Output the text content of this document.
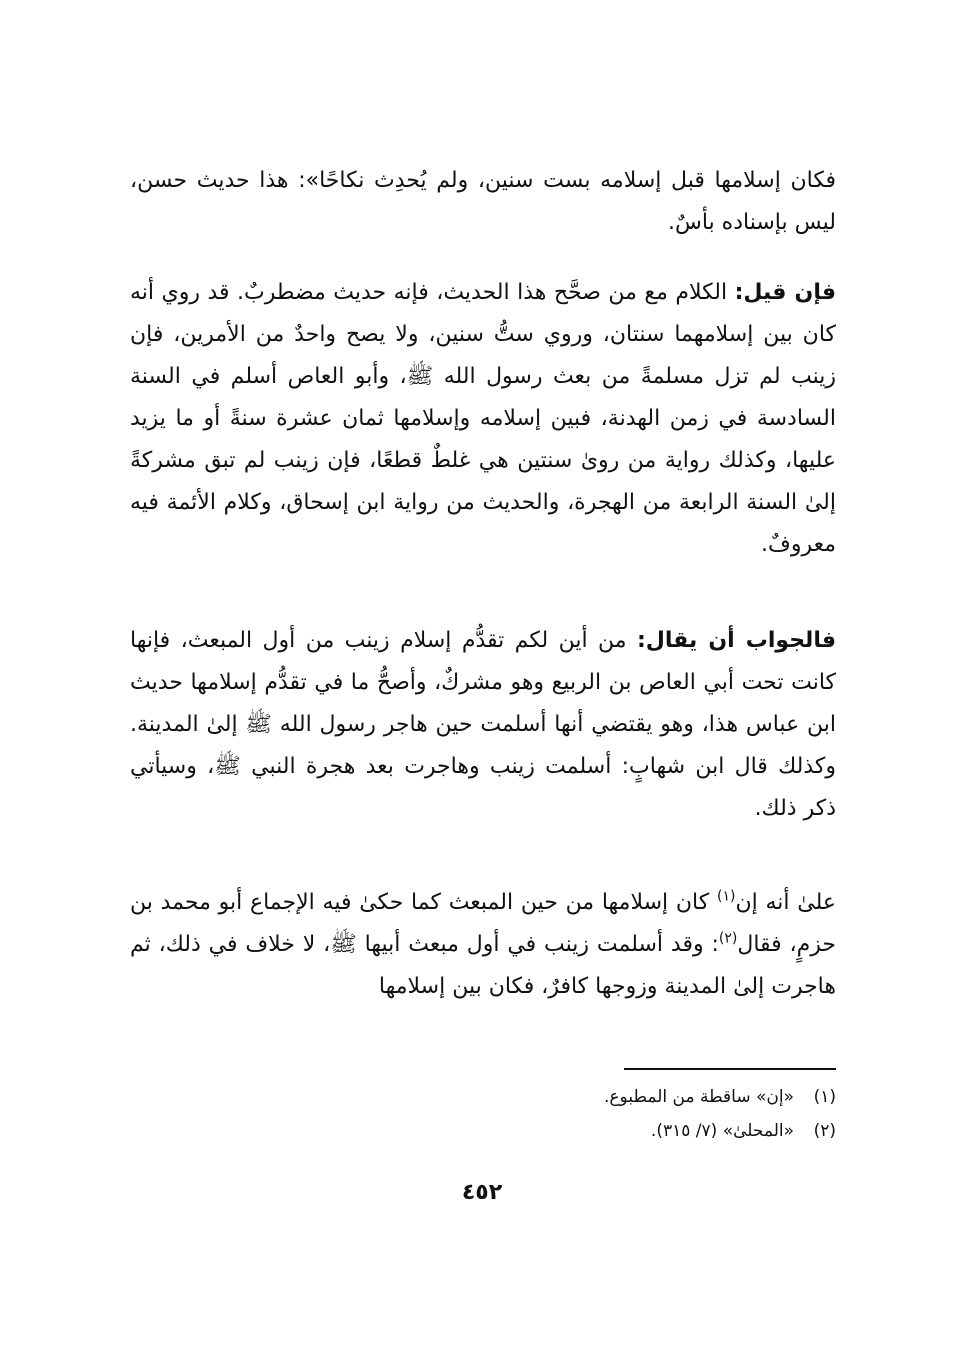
فكان إسلامها قبل إسلامه بست سنين، ولم يُحدِث نكاحًا»: هذا حديث حسن، ليس بإسناده بأسٌ.

فإن قيل: الكلام مع من صحَّح هذا الحديث، فإنه حديث مضطربٌ. قد روي أنه كان بين إسلامهما سنتان، وروي ستُّ سنين، ولا يصح واحدٌ من الأمرين، فإن زينب لم تزل مسلمةً من بعث رسول الله ﷺ، وأبو العاص أسلم في السنة السادسة في زمن الهدنة، فبين إسلامه وإسلامها ثمان عشرة سنةً أو ما يزيد عليها، وكذلك رواية من روىٰ سنتين هي غلطٌ قطعًا، فإن زينب لم تبق مشركةً إلىٰ السنة الرابعة من الهجرة، والحديث من رواية ابن إسحاق، وكلام الأئمة فيه معروفٌ.

فالجواب أن يقال: من أين لكم تقدُّم إسلام زينب من أول المبعث، فإنها كانت تحت أبي العاص بن الربيع وهو مشركٌ، وأصحُّ ما في تقدُّم إسلامها حديث ابن عباس هذا، وهو يقتضي أنها أسلمت حين هاجر رسول الله ﷺ إلىٰ المدينة. وكذلك قال ابن شهابٍ: أسلمت زينب وهاجرت بعد هجرة النبي ﷺ، وسيأتي ذكر ذلك.

علىٰ أنه إن$^{(١)}$ كان إسلامها من حين المبعث كما حكىٰ فيه الإجماع أبو محمد بن حزمٍ، فقال$^{(٢)}$: وقد أسلمت زينب في أول مبعث أبيها ﷺ، لا خلاف في ذلك، ثم هاجرت إلىٰ المدينة وزوجها كافرٌ، فكان بين إسلامها

(١)
«إن» ساقطة من المطبوع.
(٢)
«المحلىٰ» (٧/ ٣١٥).
٤٥٢
